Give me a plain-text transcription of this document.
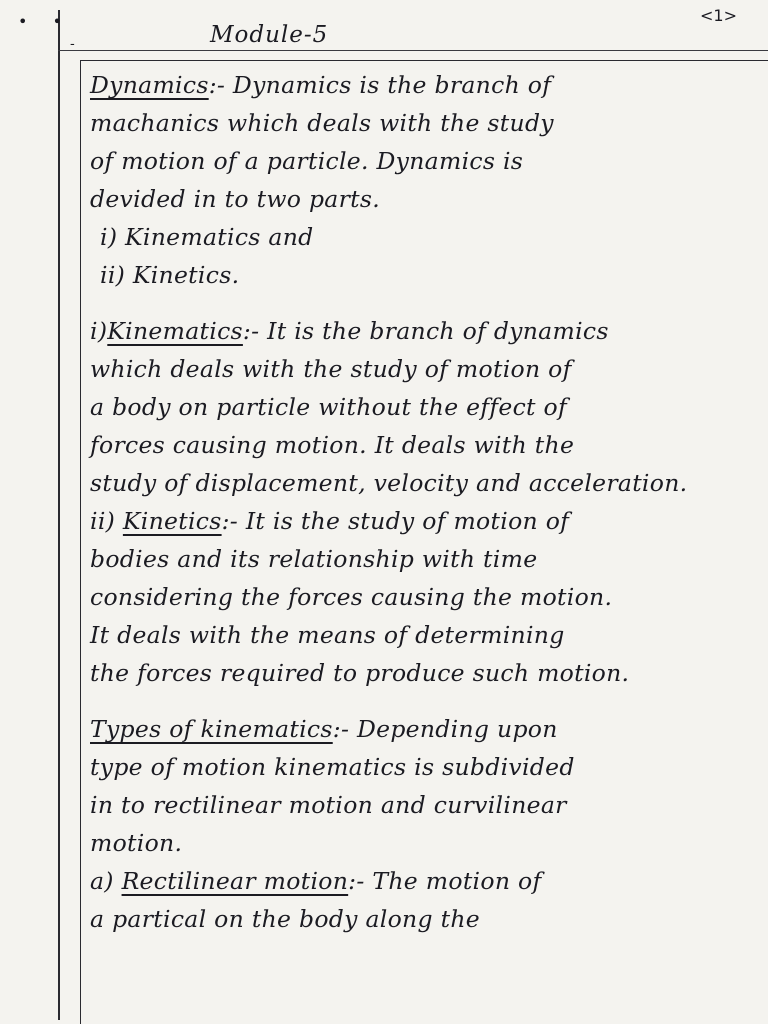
• •
-
<1>
Module-5
Dynamics:- Dynamics is the branch of
machanics which deals with the study
of motion of a particle. Dynamics is
devided in to two parts.
i) Kinematics and
ii) Kinetics.
i)Kinematics:- It is the branch of dynamics
which deals with the study of motion of
a body on particle without the effect of
forces causing motion. It deals with the
study of displacement, velocity and acceleration.
ii) Kinetics:- It is the study of motion of
bodies and its relationship with time
considering the forces causing the motion.
It deals with the means of determining
the forces required to produce such motion.
Types of kinematics:- Depending upon
type of motion kinematics is subdivided
in to rectilinear motion and curvilinear
motion.
a) Rectilinear motion:- The motion of
a partical on the body along the
